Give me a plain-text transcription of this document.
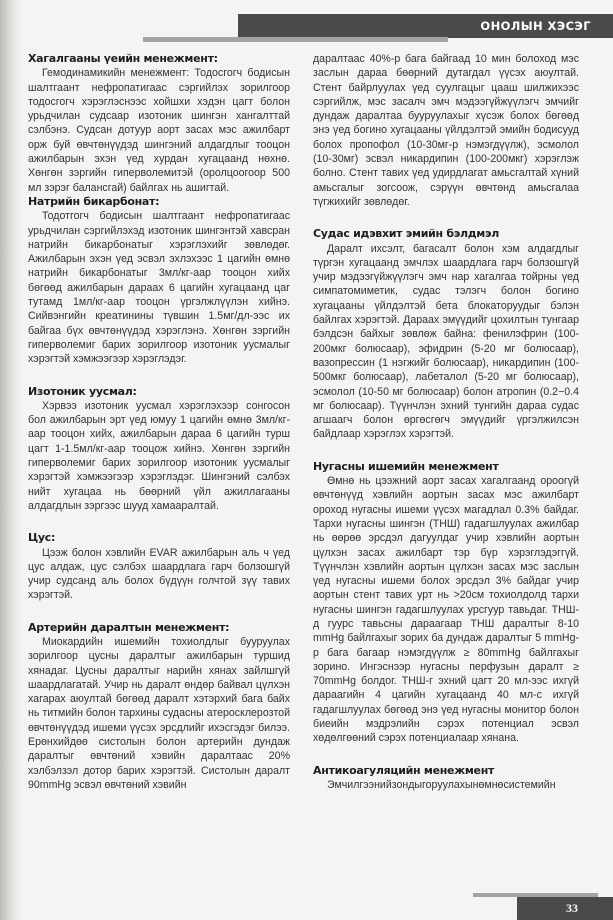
ОНОЛЫН ХЭСЭГ
Хагалгааны үеийн менежмент:

Гемодинамикийн менежмент: Тодосгогч бодисын шалтгаант нефропатигаас сэргийлэх зорилгоор тодосгогч хэрэглэснээс хойшхи хэдэн цагт болон урьдчилан судсаар изотоник шингэн хангалттай сэлбэнэ. Судсан дотуур аорт засах мэс ажилбарт орж буй өвчтөнүүдэд шингэний алдагдлыг тооцон ажилбарын эхэн үед хурдан хугацаанд нөхнө. Хөнгөн зэргийн гиперволемитэй (оролцоогоор 500 мл зэрэг балансгай) байлгах нь ашигтай.

Натрийн бикарбонат:

Тодотгогч бодисын шалтгаант нефропатигаас урьдчилан сэргийлэхэд изотоник шингэнтэй хавсран натрийн бикарбонатыг хэрэглэхийг зөвлөдөг. Ажилбарын эхэн үед эсвэл эхлэхээс 1 цагийн өмнө натрийн бикарбонатыг 3мл/кг-аар тооцон хийх бөгөөд ажилбарын дараах 6 цагийн хугацаанд цаг тутамд 1мл/кг-аар тооцон үргэлжлүүлэн хийнэ. Сийвэнгийн креатинины түвшин 1.5мг/дл-ээс их байгаа бүх өвчтөнүүдэд хэрэглэнэ. Хөнгөн зэргийн гиперволемиг барих зорилгоор изотоник уусмалыг хэрэгтэй хэмжээгээр хэрэглэдэг.

Изотоник уусмал:

Хэрвээ изотоник уусмал хэрэглэхээр сонгосон бол ажилбарын эрт үед юмуу 1 цагийн өмнө 3мл/кг-аар тооцон хийх, ажилбарын дараа 6 цагийн турш цагт 1-1.5мл/кг-аар тооцож хийнэ. Хөнгөн зэргийн гиперволемиг барих зорилгоор изотоник уусмалыг хэрэгтэй хэмжээгээр хэрэглэдэг. Шингэний сэлбэх нийт хугацаа нь бөөрний үйл ажиллагааны алдагдлын зэргээс шууд хамааралтай.

Цус:

Цээж болон хэвлийн EVAR ажилбарын аль ч үед цус алдаж, цус сэлбэх шаардлага гарч болзошгүй учир судсанд аль болох бүдүүн голчтой зүү тавих хэрэгтэй.

Артерийн даралтын менежмент:

Миокардийн ишемийн тохиолдлыг бууруулах зорилгоор цусны даралтыг ажилбарын туршид хянадаг. Цусны даралтыг нарийн хянах зайлшгүй шаардлагатай. Учир нь даралт өндөр байвал цүлхэн хагарах аюултай бөгөөд даралт хэтэрхий бага байх нь титмийн болон тархины судасны атеросклерозтой өвчтөнүүдэд ишеми үүсэх эрсдлийг ихэсгэдэг билээ. Ерөнхийдөө систолын болон артерийн дундаж даралтыг өвчтөний хэвийн даралтаас 20% хэлбэлзэл дотор барих хэрэгтэй. Систолын даралт 90mmHg эсвэл өвчтөний хэвийн

даралтаас 40%-р бага байгаад 10 мин болоход мэс заслын дараа бөөрний дутагдал үүсэх аюултай. Стент байрлуулах үед суулгацыг цааш шилжихээс сэргийлж, мэс засалч эмч мэдээгүйжүүлэгч эмчийг дундаж даралтаа бууруулахыг хүсэж болох бөгөөд энэ үед богино хугацааны үйлдэлтэй эмийн бодисууд болох пропофол (10-30мг-р нэмэгдүүлж), эсмолол (10-30мг) эсвэл никардипин (100-200мкг) хэрэглэж болно. Стент тавих үед удирдлагат амьсгалтай хүний амьсгалыг зогсоож, сэрүүн өвчтөнд амьсгалаа түгжихийг зөвлөдөг.

Судас идэвхит эмийн бэлдмэл

Даралт ихсэлт, багасалт болон хэм алдагдлыг түргэн хугацаанд эмчлэх шаардлага гарч болзошгүй учир мэдээгүйжүүлэгч эмч нар хагалгаа тойрны үед симпатомиметик, судас тэлэгч болон богино хугацааны үйлдэлтэй бета блокаторуудыг бэлэн байлгах хэрэгтэй. Дараах эмүүдийг цохилтын тунгаар бэлдсэн байхыг зөвлөж байна: фенилэфрин (100-200мкг болюсаар), эфидрин (5-20 мг болюсаар), вазопрессин (1 нэгжийг болюсаар), никардипин (100-500мкг болюсаар), лабеталол (5-20 мг болюсаар), эсмолол (10-50 мг болюсаар) болон атропин (0.2−0.4 мг болюсаар). Түүнчлэн эхний тунгийн дараа судас агшаагч болон өргөсгөгч эмүүдийг үргэлжилсэн байдлаар хэрэглэх хэрэгтэй.

Нугасны ишемийн менежмент

Өмнө нь цээжний аорт засах хагалгаанд ороогүй өвчтөнүүд хэвлийн аортын засах мэс ажилбарт ороход нугасны ишеми үүсэх магадлал 0.3% байдаг. Тархи нугасны шингэн (ТНШ) гадагшлуулах ажилбар нь өөрөө эрсдэл дагуулдаг учир хэвлийн аортын цүлхэн засах ажилбарт тэр бүр хэрэглэдэггүй. Түүнчлэн хэвлийн аортын цүлхэн засах мэс заслын үед нугасны ишеми болох эрсдэл 3% байдаг учир аортын стент тавих урт нь >20см тохиолдолд тархи нугасны шингэн гадагшлуулах урсгуур тавьдаг. ТНШ-д гуурс тавьсны дараагаар ТНШ даралтыг 8-10 mmHg байлгахыг зорих ба дундаж даралтыг 5 mmHg-р бага багаар нэмэгдүүлж ≥ 80mmHg байлгахыг зорино. Ингэснээр нугасны перфузын даралт ≥ 70mmHg болдог. ТНШ-г эхний цагт 20 мл-ээс ихгүй дараагийн 4 цагийн хугацаанд 40 мл-с ихгүй гадагшлуулах бөгөөд энэ үед нугасны монитор болон биеийн мэдрэлийн сэрэх потенциал эсвэл хөдөлгөөний сэрэх потенциалаар хянана.

Антикоагуляцийн менежмент

Эмчилгээнийзондыгоруулахынөмнөсистемийн

33
